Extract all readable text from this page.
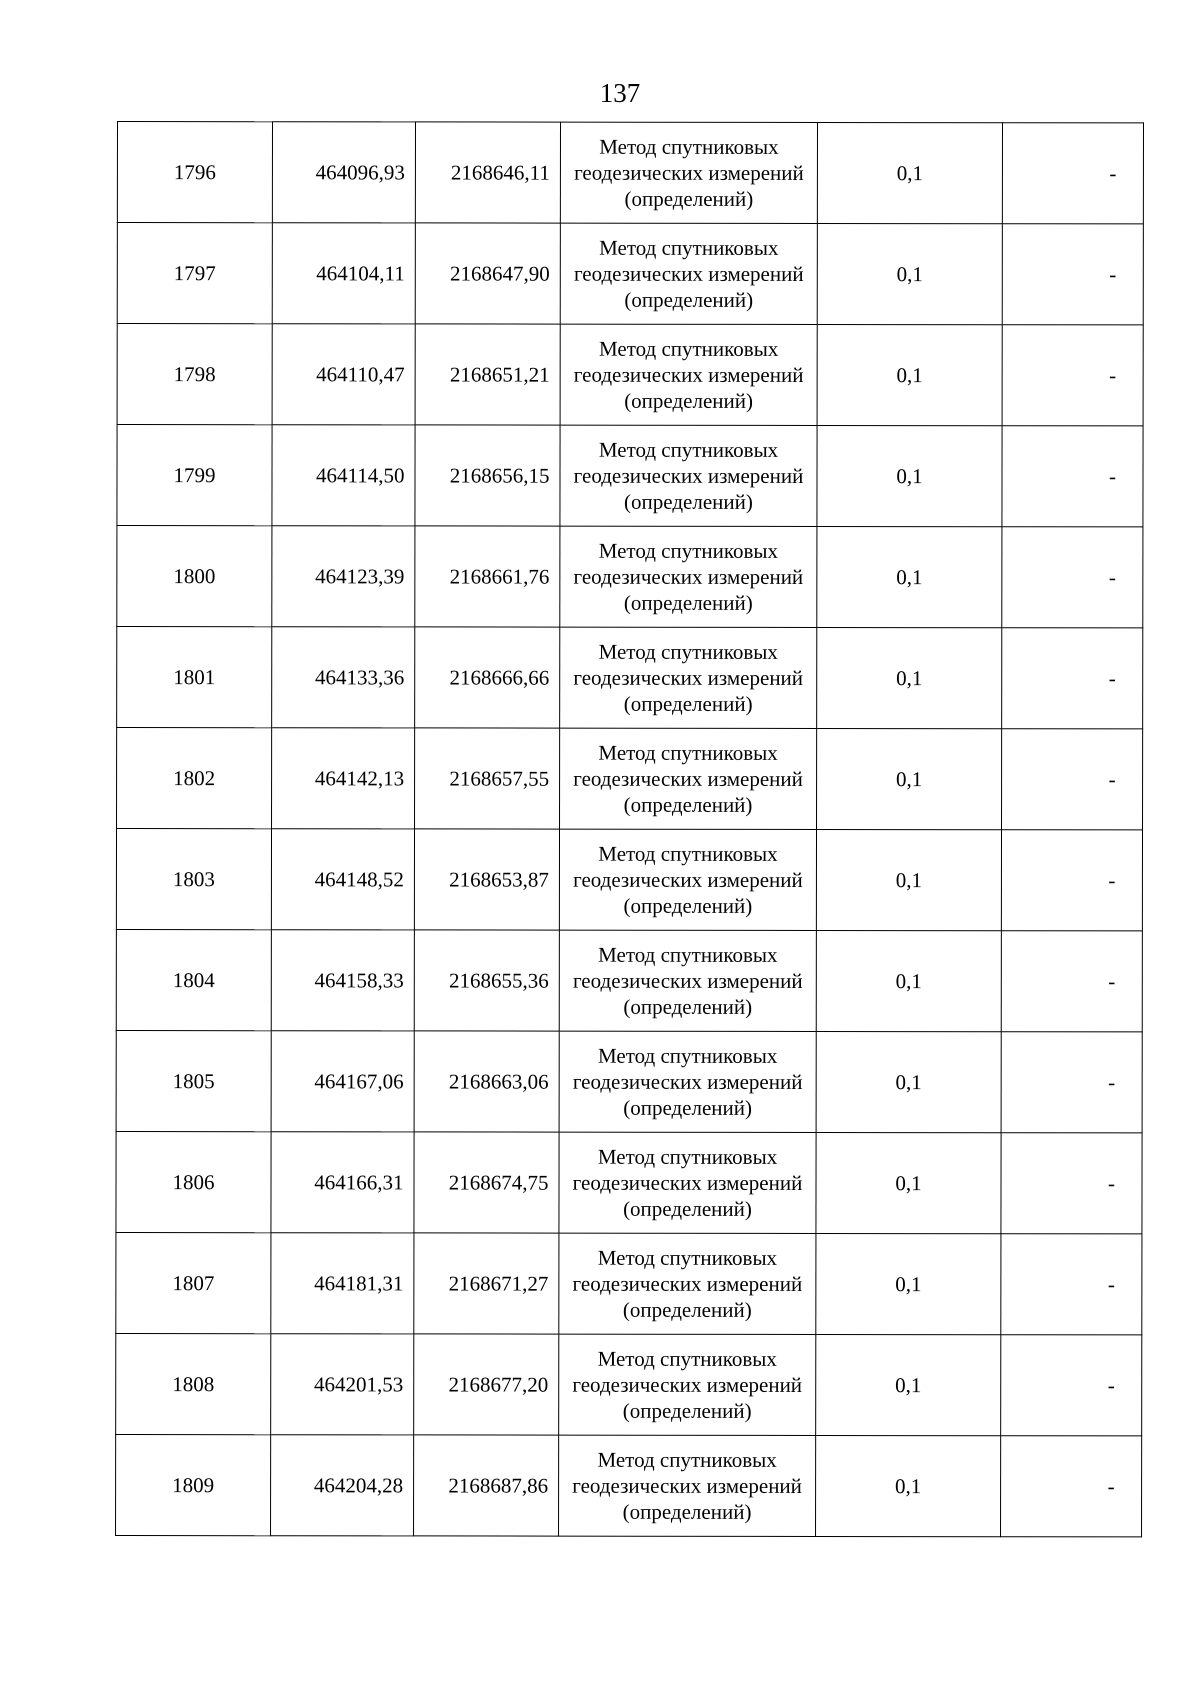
137
1796	464096,93	2168646,11	Метод спутниковых
геодезических измерений
(определений)	0,1	-
1797	464104,11	2168647,90	Метод спутниковых
геодезических измерений
(определений)	0,1	-
1798	464110,47	2168651,21	Метод спутниковых
геодезических измерений
(определений)	0,1	-
1799	464114,50	2168656,15	Метод спутниковых
геодезических измерений
(определений)	0,1	-
1800	464123,39	2168661,76	Метод спутниковых
геодезических измерений
(определений)	0,1	-
1801	464133,36	2168666,66	Метод спутниковых
геодезических измерений
(определений)	0,1	-
1802	464142,13	2168657,55	Метод спутниковых
геодезических измерений
(определений)	0,1	-
1803	464148,52	2168653,87	Метод спутниковых
геодезических измерений
(определений)	0,1	-
1804	464158,33	2168655,36	Метод спутниковых
геодезических измерений
(определений)	0,1	-
1805	464167,06	2168663,06	Метод спутниковых
геодезических измерений
(определений)	0,1	-
1806	464166,31	2168674,75	Метод спутниковых
геодезических измерений
(определений)	0,1	-
1807	464181,31	2168671,27	Метод спутниковых
геодезических измерений
(определений)	0,1	-
1808	464201,53	2168677,20	Метод спутниковых
геодезических измерений
(определений)	0,1	-
1809	464204,28	2168687,86	Метод спутниковых
геодезических измерений
(определений)	0,1	-
